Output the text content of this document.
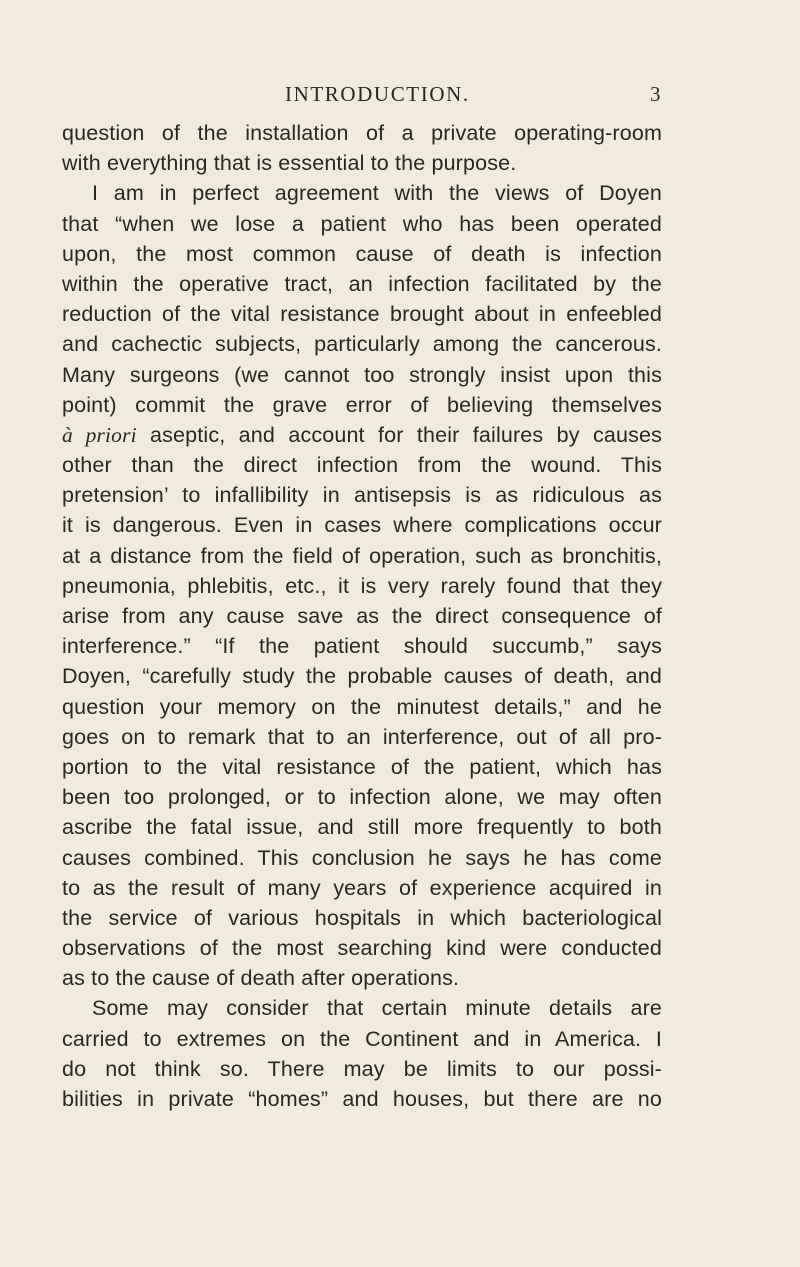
INTRODUCTION.	3
question of the installation of a private operating-room
with everything that is essential to the purpose.
I am in perfect agreement with the views of Doyen
that “when we lose a patient who has been operated
upon, the most common cause of death is infection
within the operative tract, an infection facilitated by the
reduction of the vital resistance brought about in enfeebled
and cachectic subjects, particularly among the cancerous.
Many surgeons (we cannot too strongly insist upon this
point) commit the grave error of believing themselves
à priori aseptic, and account for their failures by causes
other than the direct infection from the wound. This
pretension’ to infallibility in antisepsis is as ridiculous as
it is dangerous. Even in cases where complications occur
at a distance from the field of operation, such as bronchitis,
pneumonia, phlebitis, etc., it is very rarely found that they
arise from any cause save as the direct consequence of
interference.” “If the patient should succumb,” says
Doyen, “carefully study the probable causes of death, and
question your memory on the minutest details,” and he
goes on to remark that to an interference, out of all pro-
portion to the vital resistance of the patient, which has
been too prolonged, or to infection alone, we may often
ascribe the fatal issue, and still more frequently to both
causes combined. This conclusion he says he has come
to as the result of many years of experience acquired in
the service of various hospitals in which bacteriological
observations of the most searching kind were conducted
as to the cause of death after operations.
Some may consider that certain minute details are
carried to extremes on the Continent and in America. I
do not think so. There may be limits to our possi-
bilities in private “homes” and houses, but there are no
